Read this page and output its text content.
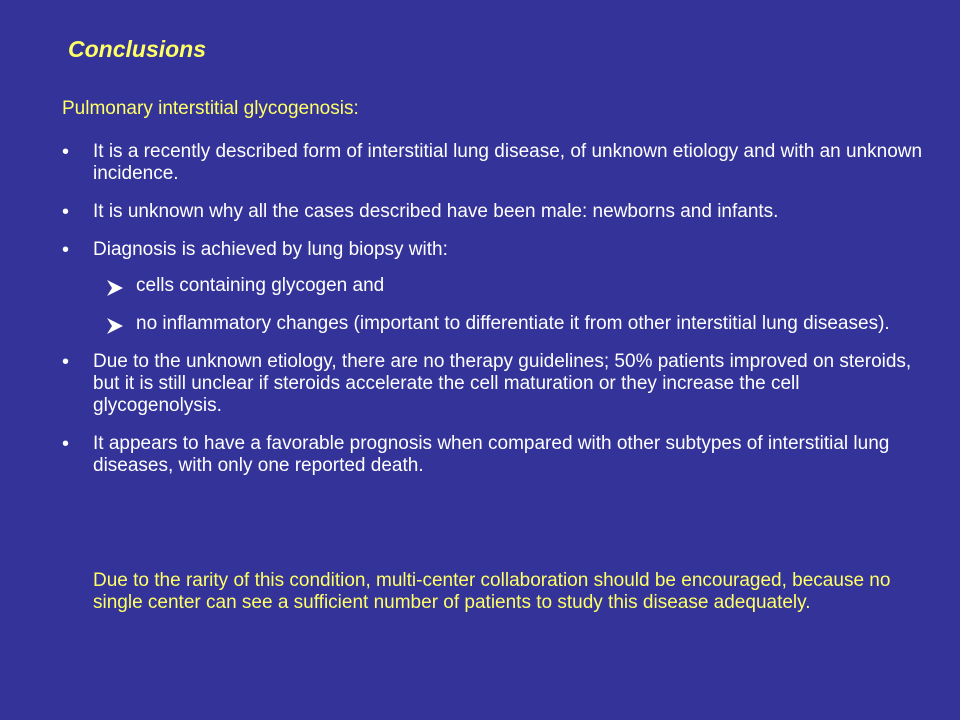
Conclusions

Pulmonary interstitial glycogenosis:

• It is a recently described form of interstitial lung disease, of unknown etiology and with an unknown incidence.
• It is unknown why all the cases described have been male: newborns and infants.
• Diagnosis is achieved by lung biopsy with:
cells containing glycogen and
no inflammatory changes (important to differentiate it from other interstitial lung diseases).
• Due to the unknown etiology, there are no therapy guidelines; 50% patients improved on steroids, but it is still unclear if steroids accelerate the cell maturation or they increase the cell glycogenolysis.
• It appears to have a favorable prognosis when compared with other subtypes of interstitial lung diseases, with only one reported death.

Due to the rarity of this condition, multi-center collaboration should be encouraged, because no single center can see a sufficient number of patients to study this disease adequately.
